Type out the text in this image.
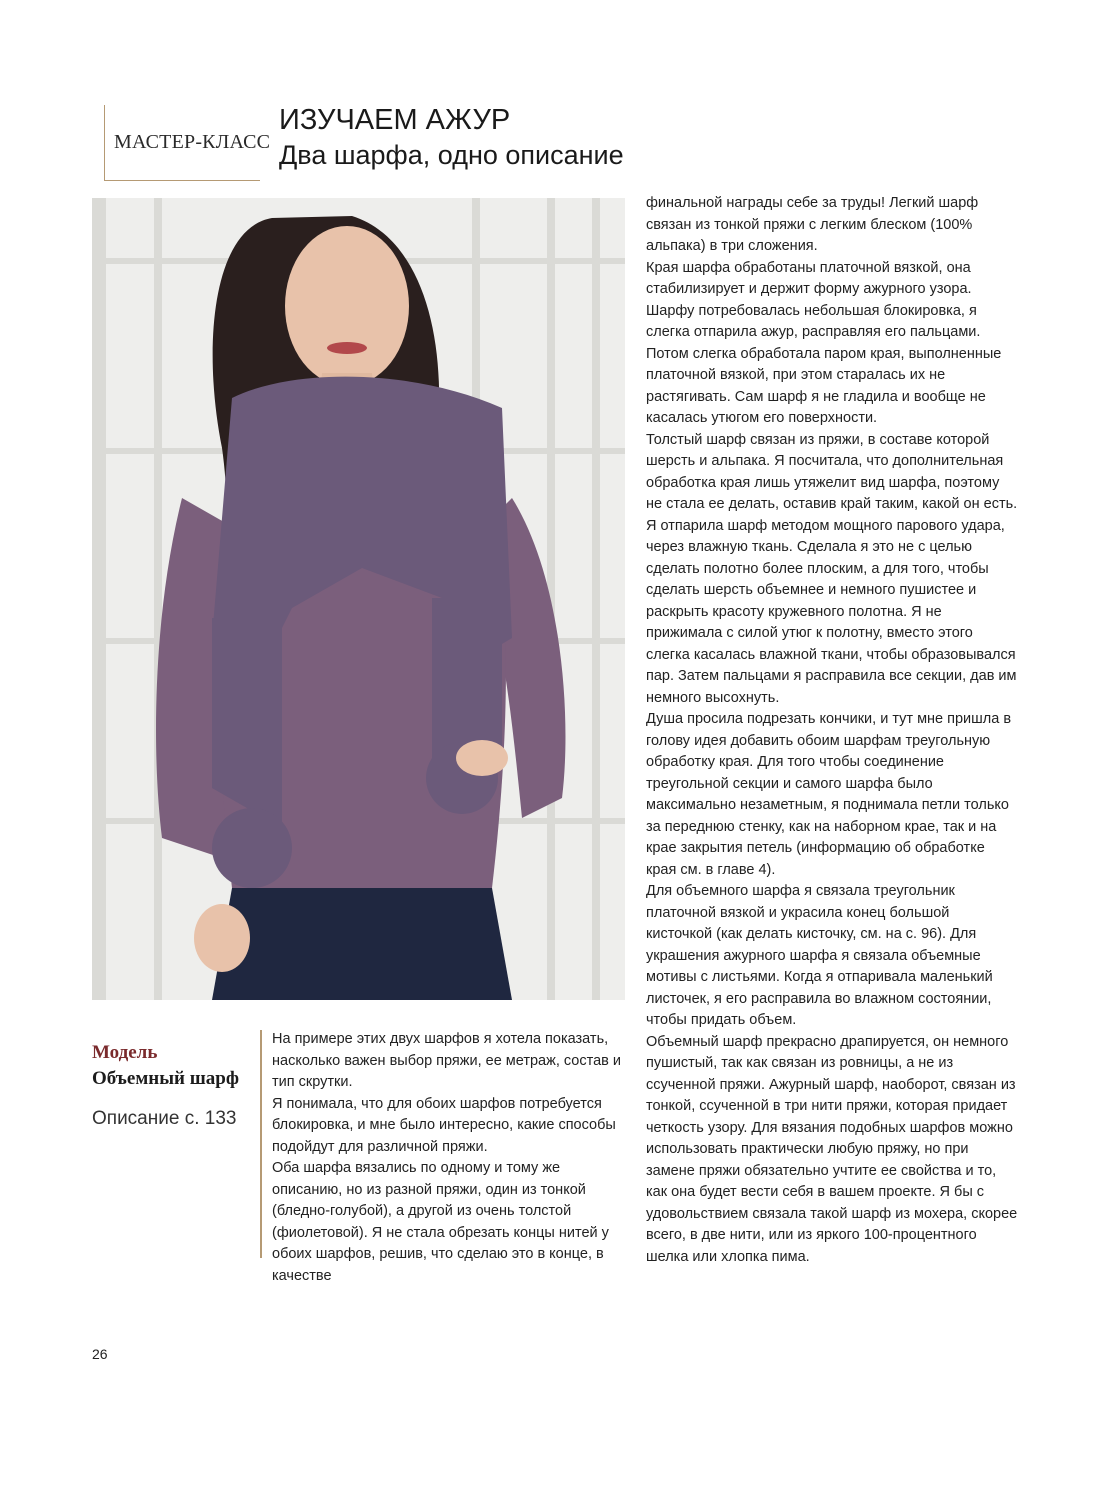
МАСТЕР-КЛАСС
ИЗУЧАЕМ АЖУР
Два шарфа, одно описание
Модель
Объемный шарф
Описание с. 133

На примере этих двух шарфов я хотела показать, насколько важен выбор пряжи, ее метраж, состав и тип скрутки.

Я понимала, что для обоих шарфов потребуется блокировка, и мне было интересно, какие способы подойдут для различной пряжи.

Оба шарфа вязались по одному и тому же описанию, но из разной пряжи, один из тонкой (бледно-голубой), а другой из очень толстой (фиолетовой). Я не стала обрезать концы нитей у обоих шарфов, решив, что сделаю это в конце, в качестве

финальной награды себе за труды! Легкий шарф связан из тонкой пряжи с легким блеском (100% альпака) в три сложения.

Края шарфа обработаны платочной вязкой, она стабилизирует и держит форму ажурного узора. Шарфу потребовалась небольшая блокировка, я слегка отпарила ажур, расправляя его пальцами. Потом слегка обработала паром края, выполненные платочной вязкой, при этом старалась их не растягивать. Сам шарф я не гладила и вообще не касалась утюгом его поверхности.

Толстый шарф связан из пряжи, в составе которой шерсть и альпака. Я посчитала, что дополнительная обработка края лишь утяжелит вид шарфа, поэтому не стала ее делать, оставив край таким, какой он есть. Я отпарила шарф методом мощного парового удара, через влажную ткань. Сделала я это не с целью сделать полотно более плоским, а для того, чтобы сделать шерсть объемнее и немного пушистее и раскрыть красоту кружевного полотна. Я не прижимала с силой утюг к полотну, вместо этого слегка касалась влажной ткани, чтобы образовывался пар. Затем пальцами я расправила все секции, дав им немного высохнуть.

Душа просила подрезать кончики, и тут мне пришла в голову идея добавить обоим шарфам треугольную обработку края. Для того чтобы соединение треугольной секции и самого шарфа было максимально незаметным, я поднимала петли только за переднюю стенку, как на наборном крае, так и на крае закрытия петель (информацию об обработке края см. в главе 4).

Для объемного шарфа я связала треугольник платочной вязкой и украсила конец большой кисточкой (как делать кисточку, см. на с. 96). Для украшения ажурного шарфа я связала объемные мотивы с листьями. Когда я отпаривала маленький листочек, я его расправила во влажном состоянии, чтобы придать объем.

Объемный шарф прекрасно драпируется, он немного пушистый, так как связан из ровницы, а не из ссученной пряжи. Ажурный шарф, наоборот, связан из тонкой, ссученной в три нити пряжи, которая придает четкость узору. Для вязания подобных шарфов можно использовать практически любую пряжу, но при замене пряжи обязательно учтите ее свойства и то, как она будет вести себя в вашем проекте. Я бы с удовольствием связала такой шарф из мохера, скорее всего, в две нити, или из яркого 100-процентного шелка или хлопка пима.

26
